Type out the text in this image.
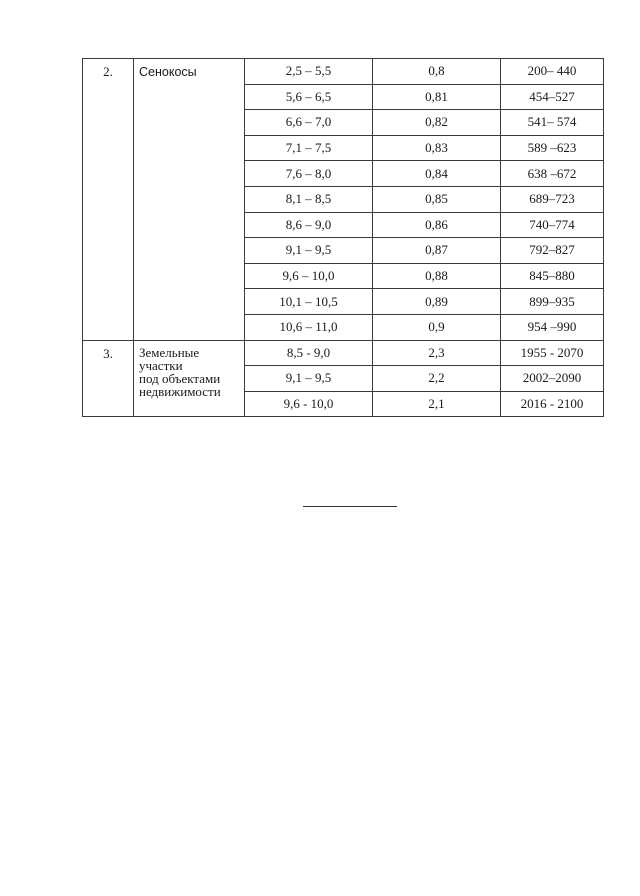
2.	Сенокосы	2,5 – 5,5	0,8	200– 440
		5,6 – 6,5	0,81	454–527
		6,6 – 7,0	0,82	541– 574
		7,1 – 7,5	0,83	589 –623
		7,6 – 8,0	0,84	638 –672
		8,1 – 8,5	0,85	689–723
		8,6 – 9,0	0,86	740–774
		9,1 – 9,5	0,87	792–827
		9,6 – 10,0	0,88	845–880
		10,1 – 10,5	0,89	899–935
		10,6 – 11,0	0,9	954 –990
3.	Земельные
участки
под объектами
недвижимости	8,5 - 9,0	2,3	1955 - 2070
		9,1 – 9,5	2,2	2002–2090
		9,6 - 10,0	2,1	2016 - 2100
